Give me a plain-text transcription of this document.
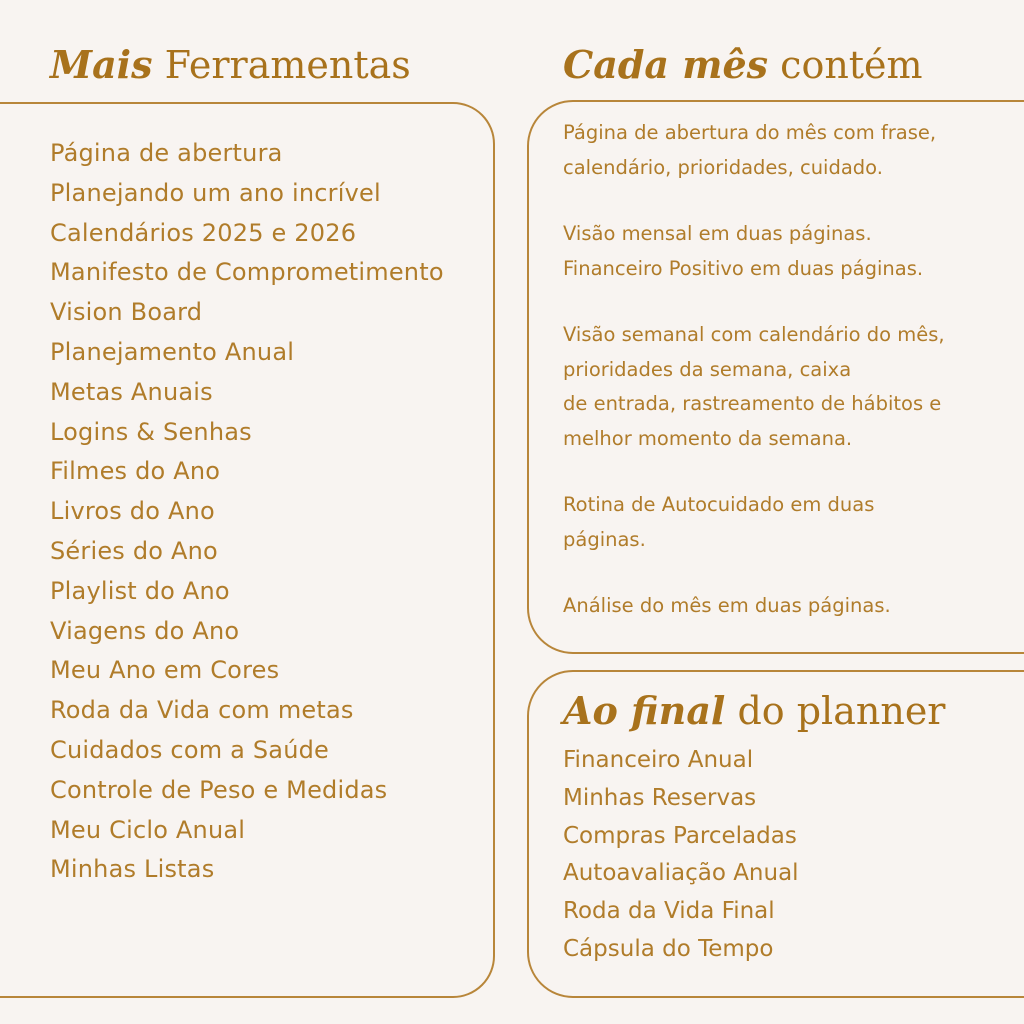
Mais Ferramentas	Cada mês contém
Página de abertura
Planejando um ano incrível
Calendários 2025 e 2026
Manifesto de Comprometimento
Vision Board
Planejamento Anual
Metas Anuais
Logins & Senhas
Filmes do Ano
Livros do Ano
Séries do Ano
Playlist do Ano
Viagens do Ano
Meu Ano em Cores
Roda da Vida com metas
Cuidados com a Saúde
Controle de Peso e Medidas
Meu Ciclo Anual
Minhas Listas
Página de abertura do mês com frase,
calendário, prioridades, cuidado.
Visão mensal em duas páginas.
Financeiro Positivo em duas páginas.
Visão semanal com calendário do mês,
prioridades da semana, caixa
de entrada, rastreamento de hábitos e
melhor momento da semana.
Rotina de Autocuidado em duas
páginas.
Análise do mês em duas páginas.
Ao final do planner
Financeiro Anual
Minhas Reservas
Compras Parceladas
Autoavaliação Anual
Roda da Vida Final
Cápsula do Tempo
